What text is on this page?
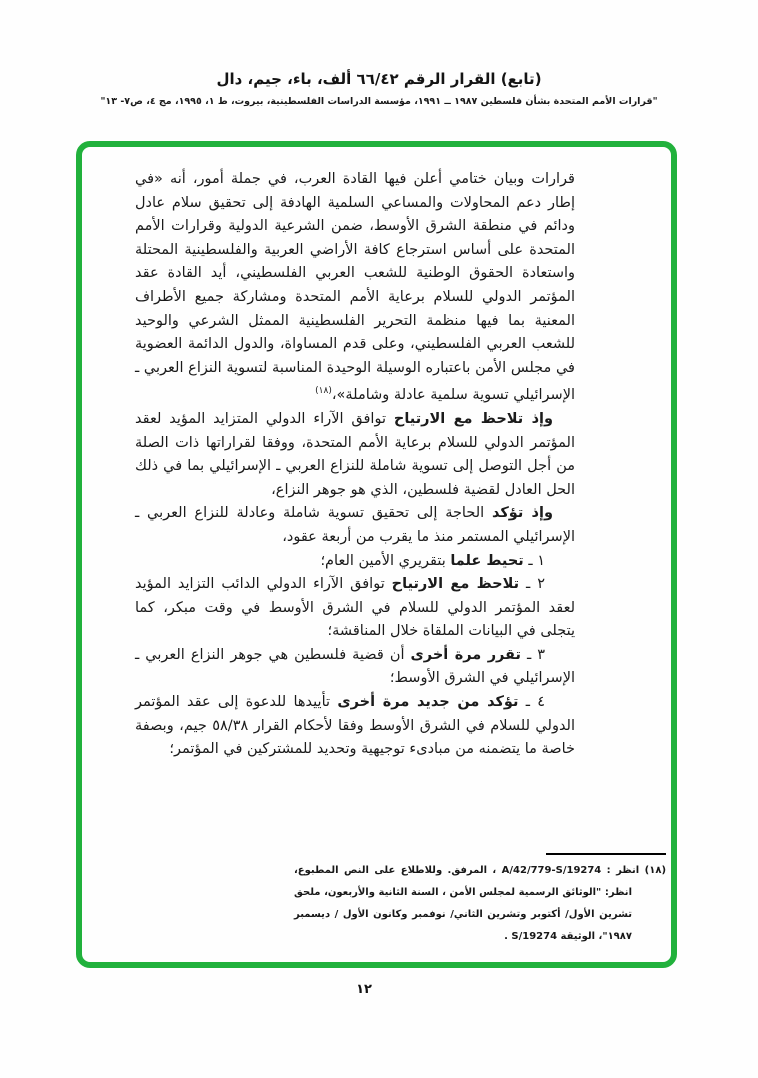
(تابع) القرار الرقم ٦٦/٤٢ ألف، باء، جيم، دال
"قرارات الأمم المتحدة بشأن فلسطين ١٩٨٧ ــ ١٩٩١، مؤسسة الدراسات الفلسطينية، بيروت، ط ١، ١٩٩٥، مج ٤، ص٧- ١٣"

قرارات وبيان ختامي أعلن فيها القادة العرب، في جملة أمور، أنه «في إطار دعم المحاولات والمساعي السلمية الهادفة إلى تحقيق سلام عادل ودائم في منطقة الشرق الأوسط، ضمن الشرعية الدولية وقرارات الأمم المتحدة على أساس استرجاع كافة الأراضي العربية والفلسطينية المحتلة واستعادة الحقوق الوطنية للشعب العربي الفلسطيني، أيد القادة عقد المؤتمر الدولي للسلام برعاية الأمم المتحدة ومشاركة جميع الأطراف المعنية بما فيها منظمة التحرير الفلسطينية الممثل الشرعي والوحيد للشعب العربي الفلسطيني، وعلى قدم المساواة، والدول الدائمة العضوية في مجلس الأمن باعتباره الوسيلة الوحيدة المناسبة لتسوية النزاع العربي ـ الإسرائيلي تسوية سلمية عادلة وشاملة»،$^{(١٨)}$

وإذ تلاحظ مع الارتياح توافق الآراء الدولي المتزايد المؤيد لعقد المؤتمر الدولي للسلام برعاية الأمم المتحدة، ووفقا لقراراتها ذات الصلة من أجل التوصل إلى تسوية شاملة للنزاع العربي ـ الإسرائيلي بما في ذلك الحل العادل لقضية فلسطين، الذي هو جوهر النزاع،

وإذ تؤكد الحاجة إلى تحقيق تسوية شاملة وعادلة للنزاع العربي ـ الإسرائيلي المستمر منذ ما يقرب من أربعة عقود،

١ ـ تحيط علما بتقريري الأمين العام؛

٢ ـ تلاحظ مع الارتياح توافق الآراء الدولي الدائب التزايد المؤيد لعقد المؤتمر الدولي للسلام في الشرق الأوسط في وقت مبكر، كما يتجلى في البيانات الملقاة خلال المناقشة؛

٣ ـ تقرر مرة أخرى أن قضية فلسطين هي جوهر النزاع العربي ـ الإسرائيلي في الشرق الأوسط؛

٤ ـ تؤكد من جديد مرة أخرى تأييدها للدعوة إلى عقد المؤتمر الدولي للسلام في الشرق الأوسط وفقا لأحكام القرار ٥٨/٣٨ جيم، وبصفة خاصة ما يتضمنه من مبادىء توجيهية وتحديد للمشتركين في المؤتمر؛

(١٨) انظر : A/42/779-S/19274 ، المرفق. وللاطلاع على النص المطبوع، انظر: "الوثائق الرسمية لمجلس الأمن ، السنة الثانية والأربعون، ملحق تشرين الأول/ أكتوبر وتشرين الثاني/ نوفمبر وكانون الأول / ديسمبر ١٩٨٧"، الوثيقة S/19274 .
١٢
